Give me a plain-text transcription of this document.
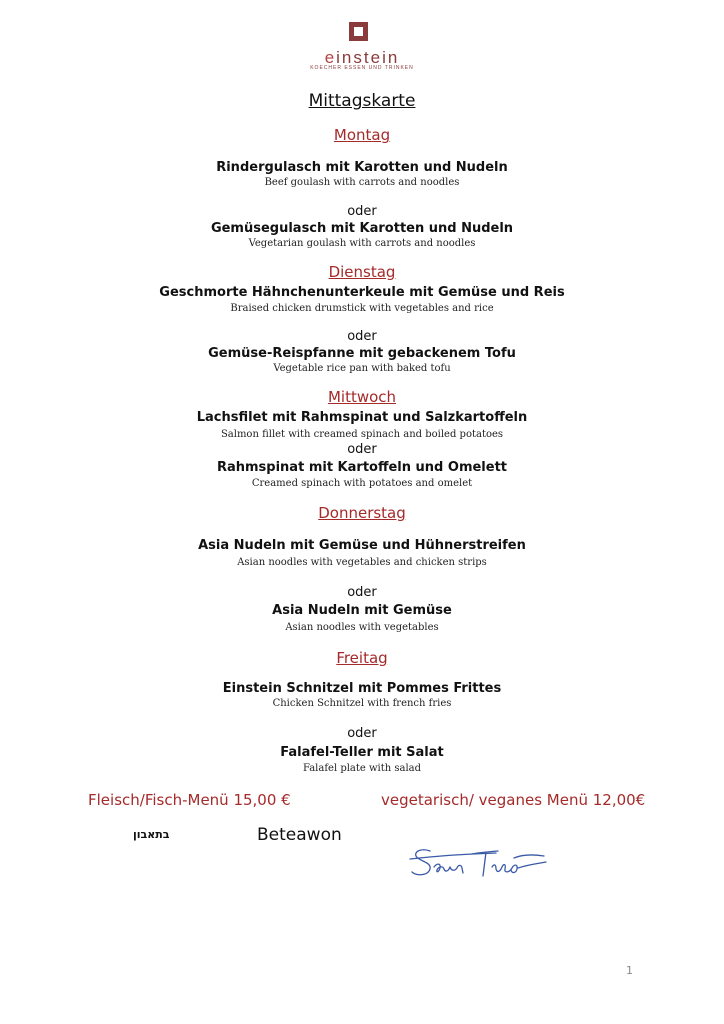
einstein
KOECHER ESSEN UND TRINKEN
Mittagskarte
Montag
Rindergulasch mit Karotten und Nudeln
Beef goulash with carrots and noodles
oder
Gemüsegulasch mit Karotten und Nudeln
Vegetarian goulash with carrots and noodles
Dienstag
Geschmorte Hähnchenunterkeule mit Gemüse und Reis
Braised chicken drumstick with vegetables and rice
oder
Gemüse-Reispfanne mit gebackenem Tofu
Vegetable rice pan with baked tofu
Mittwoch
Lachsfilet mit Rahmspinat und Salzkartoffeln
Salmon fillet with creamed spinach and boiled potatoes
oder
Rahmspinat mit Kartoffeln und Omelett
Creamed spinach with potatoes and omelet
Donnerstag
Asia Nudeln mit Gemüse und Hühnerstreifen
Asian noodles with vegetables and chicken strips
oder
Asia Nudeln mit Gemüse
Asian noodles with vegetables
Freitag
Einstein Schnitzel mit Pommes Frittes
Chicken Schnitzel with french fries
oder
Falafel-Teller mit Salat
Falafel plate with salad
Fleisch/Fisch-Menü 15,00 €	vegetarisch/ veganes Menü 12,00€
בתאבון	Beteawon
1
